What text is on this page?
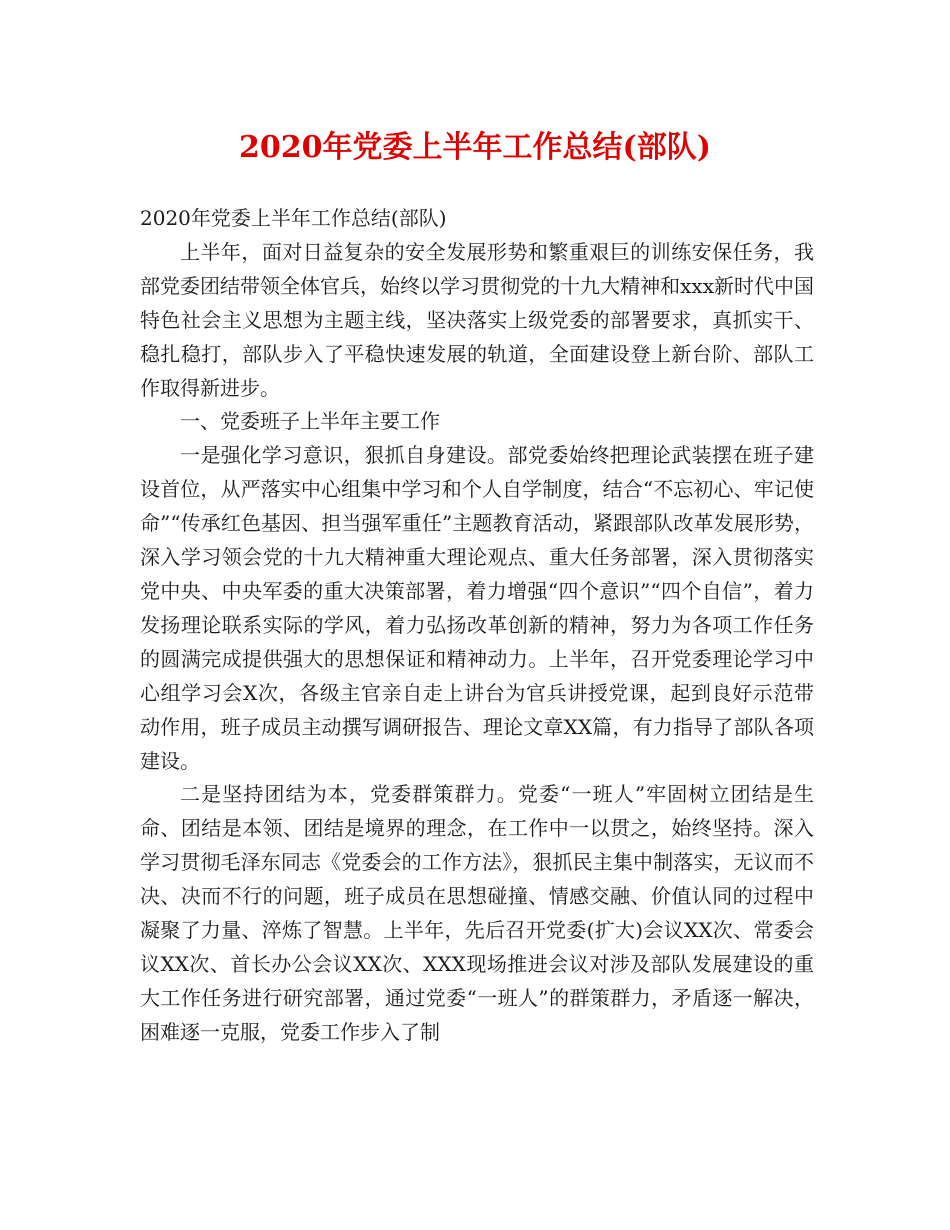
2020年党委上半年工作总结(部队)

2020年党委上半年工作总结(部队)

上半年，面对日益复杂的安全发展形势和繁重艰巨的训练安保任务，我部党委团结带领全体官兵，始终以学习贯彻党的十九大精神和xxx新时代中国特色社会主义思想为主题主线，坚决落实上级党委的部署要求，真抓实干、稳扎稳打，部队步入了平稳快速发展的轨道，全面建设登上新台阶、部队工作取得新进步。

一、党委班子上半年主要工作

一是强化学习意识，狠抓自身建设。部党委始终把理论武装摆在班子建设首位，从严落实中心组集中学习和个人自学制度，结合“不忘初心、牢记使命”“传承红色基因、担当强军重任”主题教育活动，紧跟部队改革发展形势，深入学习领会党的十九大精神重大理论观点、重大任务部署，深入贯彻落实党中央、中央军委的重大决策部署，着力增强“四个意识”“四个自信”，着力发扬理论联系实际的学风，着力弘扬改革创新的精神，努力为各项工作任务的圆满完成提供强大的思想保证和精神动力。上半年，召开党委理论学习中心组学习会X次，各级主官亲自走上讲台为官兵讲授党课，起到良好示范带动作用，班子成员主动撰写调研报告、理论文章XX篇，有力指导了部队各项建设。

二是坚持团结为本，党委群策群力。党委“一班人”牢固树立团结是生命、团结是本领、团结是境界的理念，在工作中一以贯之，始终坚持。深入学习贯彻毛泽东同志《党委会的工作方法》，狠抓民主集中制落实，无议而不决、决而不行的问题，班子成员在思想碰撞、情感交融、价值认同的过程中凝聚了力量、淬炼了智慧。上半年，先后召开党委(扩大)会议XX次、常委会议XX次、首长办公会议XX次、XXX现场推进会议对涉及部队发展建设的重大工作任务进行研究部署，通过党委“一班人”的群策群力，矛盾逐一解决，困难逐一克服，党委工作步入了制
